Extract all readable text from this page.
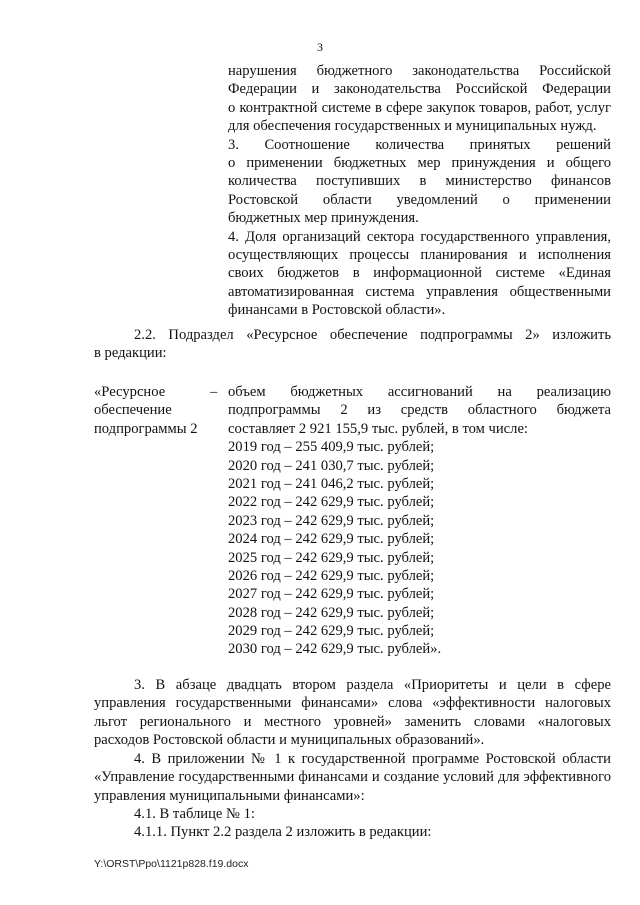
3
нарушения бюджетного законодательства Российской
Федерации и законодательства Российской Федерации
о контрактной системе в сфере закупок товаров, работ, услуг
для обеспечения государственных и муниципальных нужд.
3. Соотношение количества принятых решений
о применении бюджетных мер принуждения и общего
количества поступивших в министерство финансов
Ростовской области уведомлений о применении
бюджетных мер принуждения.
4. Доля организаций сектора государственного управления,
осуществляющих процессы планирования и исполнения
своих бюджетов в информационной системе «Единая
автоматизированная система управления общественными
финансами в Ростовской области».
2.2. Подраздел «Ресурсное обеспечение подпрограммы 2» изложить
в редакции:
«Ресурсное
обеспечение
подпрограммы 2
– объем бюджетных ассигнований на реализацию
подпрограммы 2 из средств областного бюджета
составляет 2 921 155,9 тыс. рублей, в том числе:
2019 год – 255 409,9 тыс. рублей;
2020 год – 241 030,7 тыс. рублей;
2021 год – 241 046,2 тыс. рублей;
2022 год – 242 629,9 тыс. рублей;
2023 год – 242 629,9 тыс. рублей;
2024 год – 242 629,9 тыс. рублей;
2025 год – 242 629,9 тыс. рублей;
2026 год – 242 629,9 тыс. рублей;
2027 год – 242 629,9 тыс. рублей;
2028 год – 242 629,9 тыс. рублей;
2029 год – 242 629,9 тыс. рублей;
2030 год – 242 629,9 тыс. рублей».
3. В абзаце двадцать втором раздела «Приоритеты и цели в сфере
управления государственными финансами» слова «эффективности налоговых
льгот регионального и местного уровней» заменить словами «налоговых
расходов Ростовской области и муниципальных образований».
4. В приложении № 1 к государственной программе Ростовской области
«Управление государственными финансами и создание условий для эффективного
управления муниципальными финансами»:
4.1. В таблице № 1:
4.1.1. Пункт 2.2 раздела 2 изложить в редакции:
Y:\ORST\Ppo\1121p828.f19.docx
